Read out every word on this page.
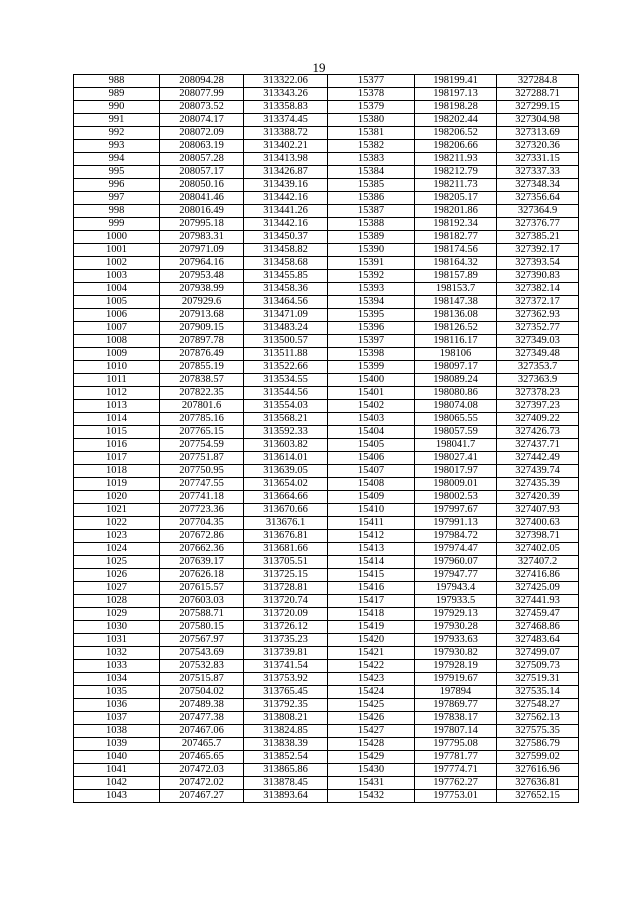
19
988	208094.28	313322.06	15377	198199.41	327284.8
989	208077.99	313343.26	15378	198197.13	327288.71
990	208073.52	313358.83	15379	198198.28	327299.15
991	208074.17	313374.45	15380	198202.44	327304.98
992	208072.09	313388.72	15381	198206.52	327313.69
993	208063.19	313402.21	15382	198206.66	327320.36
994	208057.28	313413.98	15383	198211.93	327331.15
995	208057.17	313426.87	15384	198212.79	327337.33
996	208050.16	313439.16	15385	198211.73	327348.34
997	208041.46	313442.16	15386	198205.17	327356.64
998	208016.49	313441.26	15387	198201.86	327364.9
999	207995.18	313442.16	15388	198192.34	327376.77
1000	207983.31	313450.37	15389	198182.77	327385.21
1001	207971.09	313458.82	15390	198174.56	327392.17
1002	207964.16	313458.68	15391	198164.32	327393.54
1003	207953.48	313455.85	15392	198157.89	327390.83
1004	207938.99	313458.36	15393	198153.7	327382.14
1005	207929.6	313464.56	15394	198147.38	327372.17
1006	207913.68	313471.09	15395	198136.08	327362.93
1007	207909.15	313483.24	15396	198126.52	327352.77
1008	207897.78	313500.57	15397	198116.17	327349.03
1009	207876.49	313511.88	15398	198106	327349.48
1010	207855.19	313522.66	15399	198097.17	327353.7
1011	207838.57	313534.55	15400	198089.24	327363.9
1012	207822.35	313544.56	15401	198080.86	327378.23
1013	207801.6	313554.03	15402	198074.08	327397.23
1014	207785.16	313568.21	15403	198065.55	327409.22
1015	207765.15	313592.33	15404	198057.59	327426.73
1016	207754.59	313603.82	15405	198041.7	327437.71
1017	207751.87	313614.01	15406	198027.41	327442.49
1018	207750.95	313639.05	15407	198017.97	327439.74
1019	207747.55	313654.02	15408	198009.01	327435.39
1020	207741.18	313664.66	15409	198002.53	327420.39
1021	207723.36	313670.66	15410	197997.67	327407.93
1022	207704.35	313676.1	15411	197991.13	327400.63
1023	207672.86	313676.81	15412	197984.72	327398.71
1024	207662.36	313681.66	15413	197974.47	327402.05
1025	207639.17	313705.51	15414	197960.07	327407.2
1026	207626.18	313725.15	15415	197947.77	327416.86
1027	207615.57	313728.81	15416	197943.4	327425.09
1028	207603.03	313720.74	15417	197933.5	327441.93
1029	207588.71	313720.09	15418	197929.13	327459.47
1030	207580.15	313726.12	15419	197930.28	327468.86
1031	207567.97	313735.23	15420	197933.63	327483.64
1032	207543.69	313739.81	15421	197930.82	327499.07
1033	207532.83	313741.54	15422	197928.19	327509.73
1034	207515.87	313753.92	15423	197919.67	327519.31
1035	207504.02	313765.45	15424	197894	327535.14
1036	207489.38	313792.35	15425	197869.77	327548.27
1037	207477.38	313808.21	15426	197838.17	327562.13
1038	207467.06	313824.85	15427	197807.14	327575.35
1039	207465.7	313838.39	15428	197795.08	327586.79
1040	207465.65	313852.54	15429	197781.77	327599.02
1041	207472.03	313865.86	15430	197774.71	327616.96
1042	207472.02	313878.45	15431	197762.27	327636.81
1043	207467.27	313893.64	15432	197753.01	327652.15
